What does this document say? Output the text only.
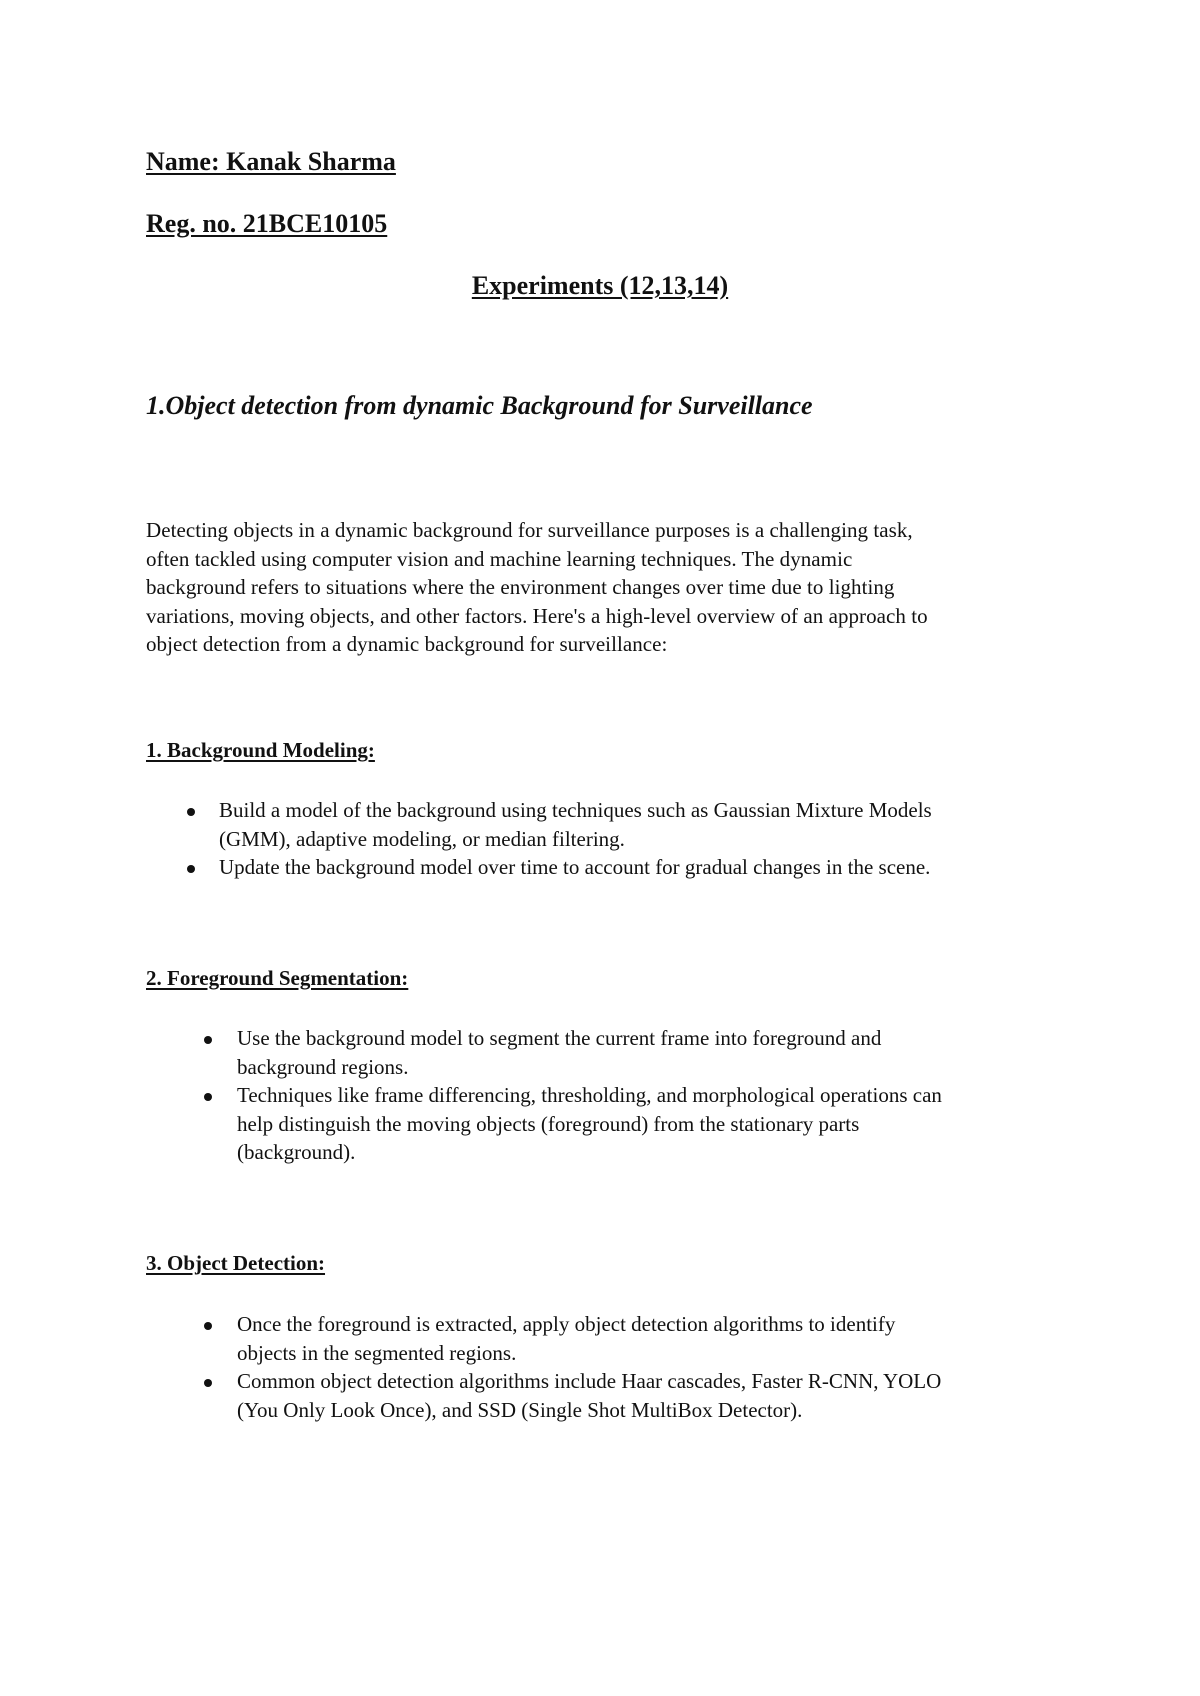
Name: Kanak Sharma

Reg. no. 21BCE10105

Experiments (12,13,14)

1.Object detection from dynamic Background for Surveillance

Detecting objects in a dynamic background for surveillance purposes is a challenging task,
often tackled using computer vision and machine learning techniques. The dynamic
background refers to situations where the environment changes over time due to lighting
variations, moving objects, and other factors. Here's a high-level overview of an approach to
object detection from a dynamic background for surveillance:

1. Background Modeling:

Build a model of the background using techniques such as Gaussian Mixture Models
(GMM), adaptive modeling, or median filtering.
Update the background model over time to account for gradual changes in the scene.

2. Foreground Segmentation:

Use the background model to segment the current frame into foreground and
background regions.
Techniques like frame differencing, thresholding, and morphological operations can
help distinguish the moving objects (foreground) from the stationary parts
(background).

3. Object Detection:

Once the foreground is extracted, apply object detection algorithms to identify
objects in the segmented regions.
Common object detection algorithms include Haar cascades, Faster R-CNN, YOLO
(You Only Look Once), and SSD (Single Shot MultiBox Detector).
